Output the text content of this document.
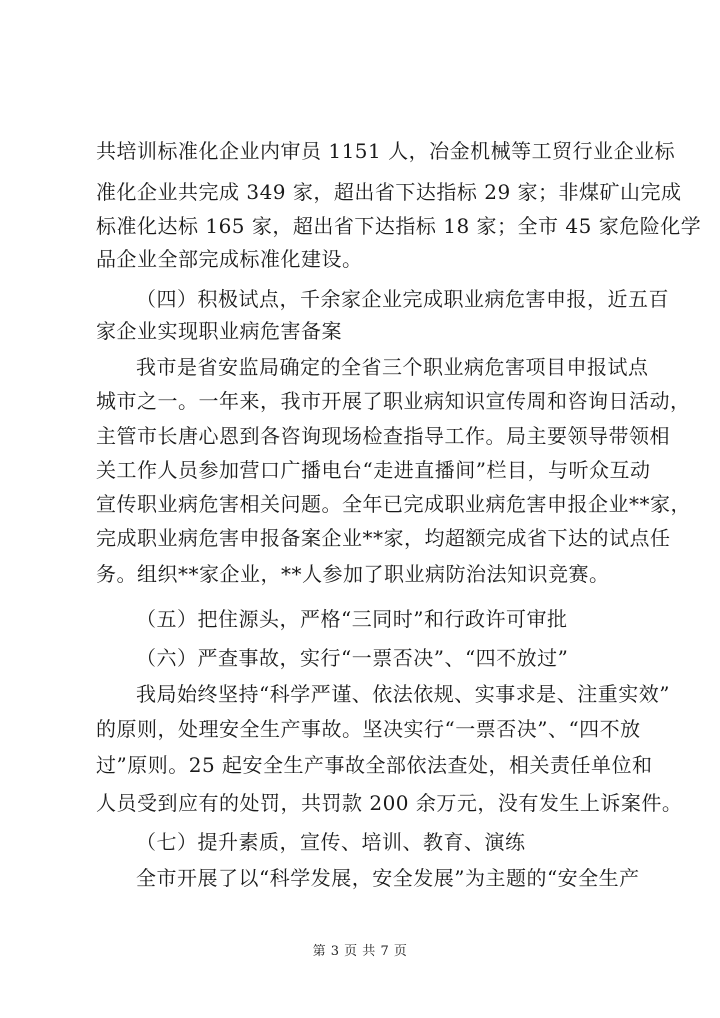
共培训标准化企业内审员 1151 人，冶金机械等工贸行业企业标
准化企业共完成 349 家，超出省下达指标 29 家；非煤矿山完成
标准化达标 165 家，超出省下达指标 18 家；全市 45 家危险化学
品企业全部完成标准化建设。
（四）积极试点，千余家企业完成职业病危害申报，近五百
家企业实现职业病危害备案
我市是省安监局确定的全省三个职业病危害项目申报试点
城市之一。一年来，我市开展了职业病知识宣传周和咨询日活动，
主管市长唐心恩到各咨询现场检查指导工作。局主要领导带领相
关工作人员参加营口广播电台“走进直播间”栏目，与听众互动
宣传职业病危害相关问题。全年已完成职业病危害申报企业**家，
完成职业病危害申报备案企业**家，均超额完成省下达的试点任
务。组织**家企业，**人参加了职业病防治法知识竞赛。
（五）把住源头，严格“三同时”和行政许可审批
（六）严查事故，实行“一票否决”、“四不放过”
我局始终坚持“科学严谨、依法依规、实事求是、注重实效”
的原则，处理安全生产事故。坚决实行“一票否决”、“四不放
过”原则。25 起安全生产事故全部依法查处，相关责任单位和
人员受到应有的处罚，共罚款 200 余万元，没有发生上诉案件。
（七）提升素质，宣传、培训、教育、演练
全市开展了以“科学发展，安全发展”为主题的“安全生产
第 3 页 共 7 页
